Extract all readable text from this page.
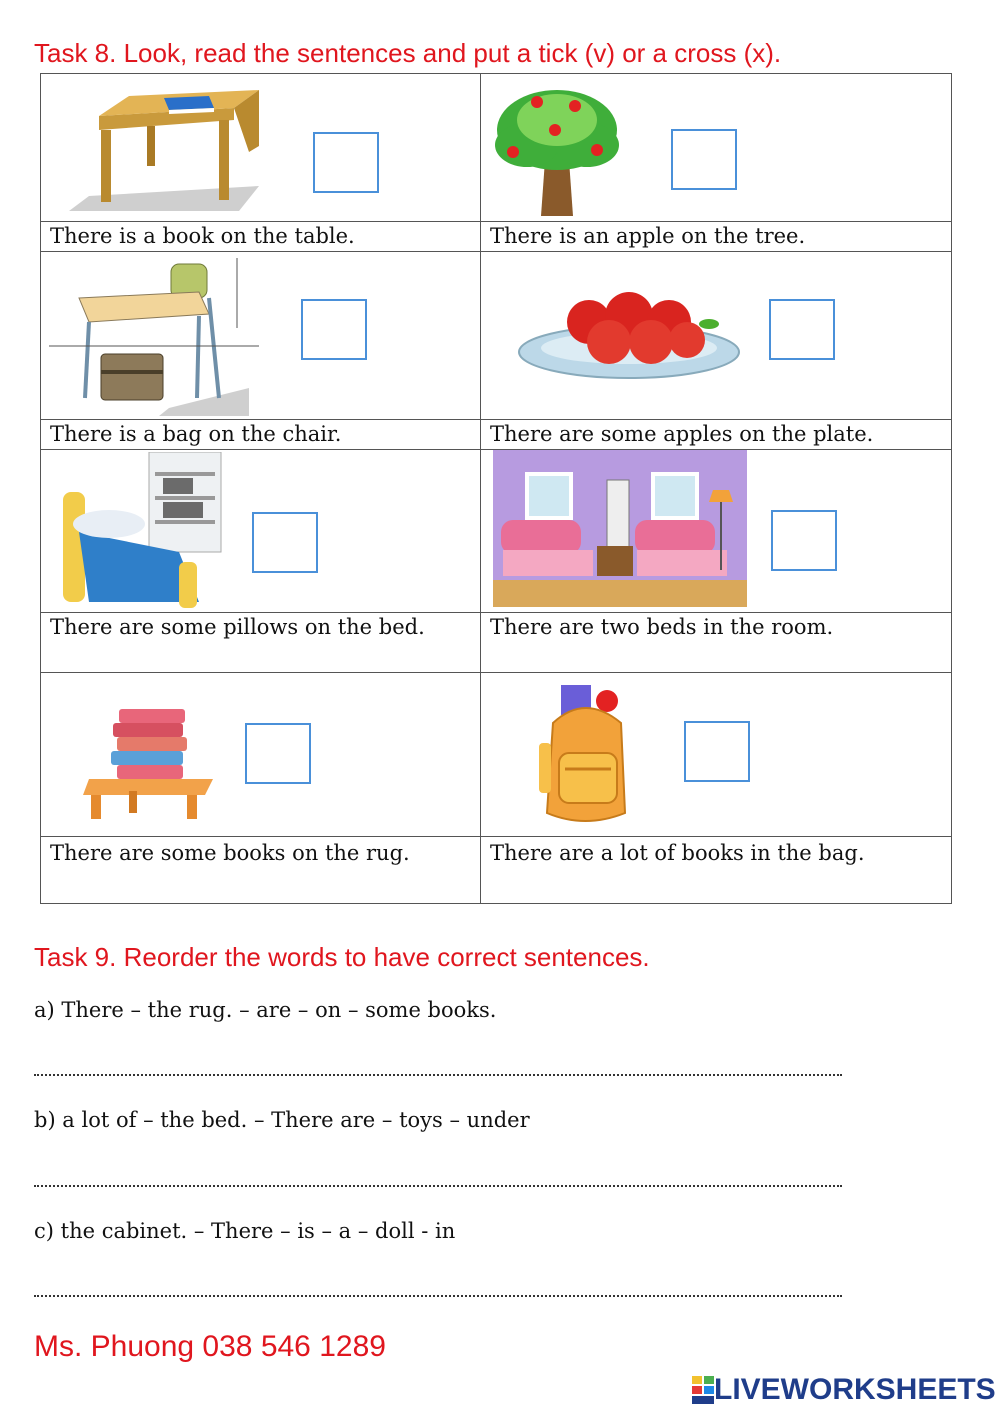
Task 8. Look, read the sentences and put a tick (v) or a cross (x).

There is a book on the table.	There is an apple on the tree.

There is a bag on the chair.	There are some apples on the plate.

There are some pillows on the bed.	There are two beds in the room.

There are some books on the rug.	There are a lot of books in the bag.
Task 9. Reorder the words to have correct sentences.

a) There – the rug. – are – on – some books.

b) a lot of – the bed. – There are – toys – under

c) the cabinet. – There – is – a – doll - in

Ms. Phuong 038 546 1289

LIVEWORKSHEETS
